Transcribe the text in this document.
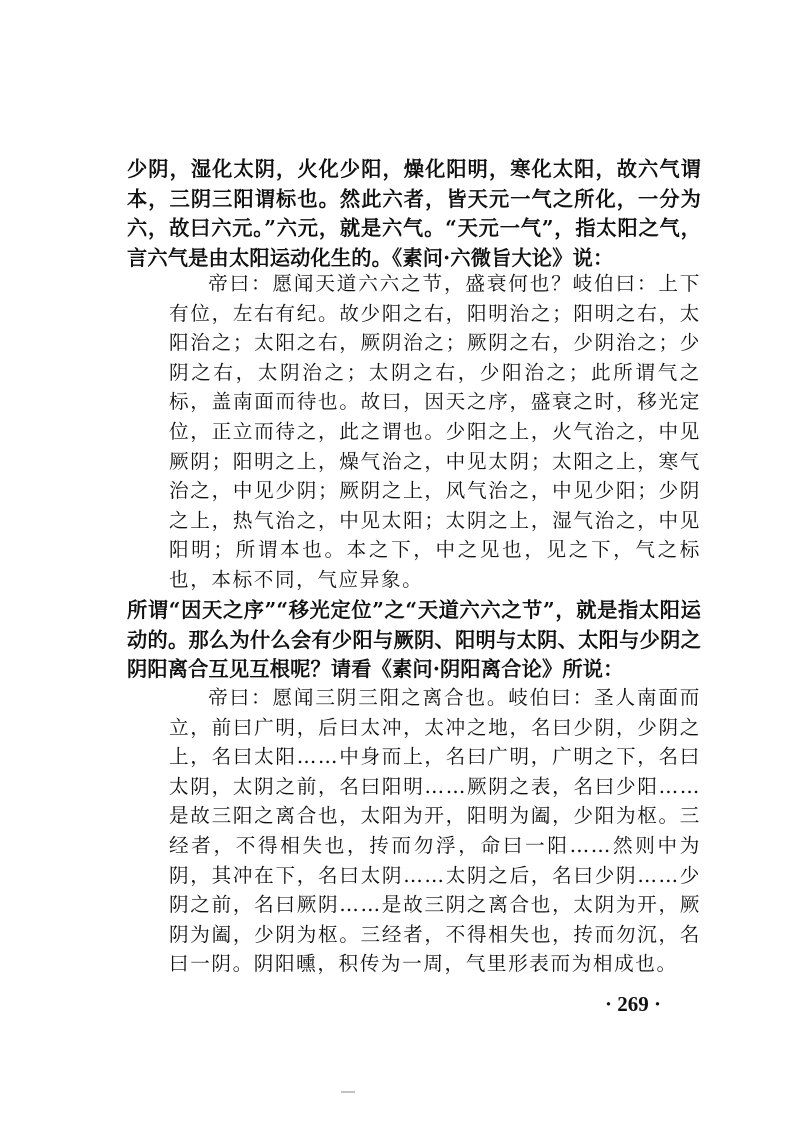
少阴，湿化太阴，火化少阳，燥化阳明，寒化太阳，故六气谓本，三阴三阳谓标也。然此六者，皆天元一气之所化，一分为六，故曰六元。”六元，就是六气。“天元一气”，指太阳之气，言六气是由太阳运动化生的。《素问·六微旨大论》说：

帝曰：愿闻天道六六之节，盛衰何也？岐伯曰：上下有位，左右有纪。故少阳之右，阳明治之；阳明之右，太阳治之；太阳之右，厥阴治之；厥阴之右，少阴治之；少阴之右，太阴治之；太阴之右，少阳治之；此所谓气之标，盖南面而待也。故曰，因天之序，盛衰之时，移光定位，正立而待之，此之谓也。少阳之上，火气治之，中见厥阴；阳明之上，燥气治之，中见太阴；太阳之上，寒气治之，中见少阴；厥阴之上，风气治之，中见少阳；少阴之上，热气治之，中见太阳；太阴之上，湿气治之，中见阳明；所谓本也。本之下，中之见也，见之下，气之标也，本标不同，气应异象。

所谓“因天之序”“移光定位”之“天道六六之节”，就是指太阳运动的。那么为什么会有少阳与厥阴、阳明与太阴、太阳与少阴之阴阳离合互见互根呢？请看《素问·阴阳离合论》所说：

帝曰：愿闻三阴三阳之离合也。岐伯曰：圣人南面而立，前曰广明，后曰太冲，太冲之地，名曰少阴，少阴之上，名曰太阳……中身而上，名曰广明，广明之下，名曰太阴，太阴之前，名曰阳明……厥阴之表，名曰少阳……是故三阳之离合也，太阳为开，阳明为阖，少阳为枢。三经者，不得相失也，抟而勿浮，命曰一阳……然则中为阴，其冲在下，名曰太阴……太阴之后，名曰少阴……少阴之前，名曰厥阴……是故三阴之离合也，太阴为开，厥阴为阖，少阴为枢。三经者，不得相失也，抟而勿沉，名曰一阴。阴阳曛，积传为一周，气里形表而为相成也。

· 269 ·
